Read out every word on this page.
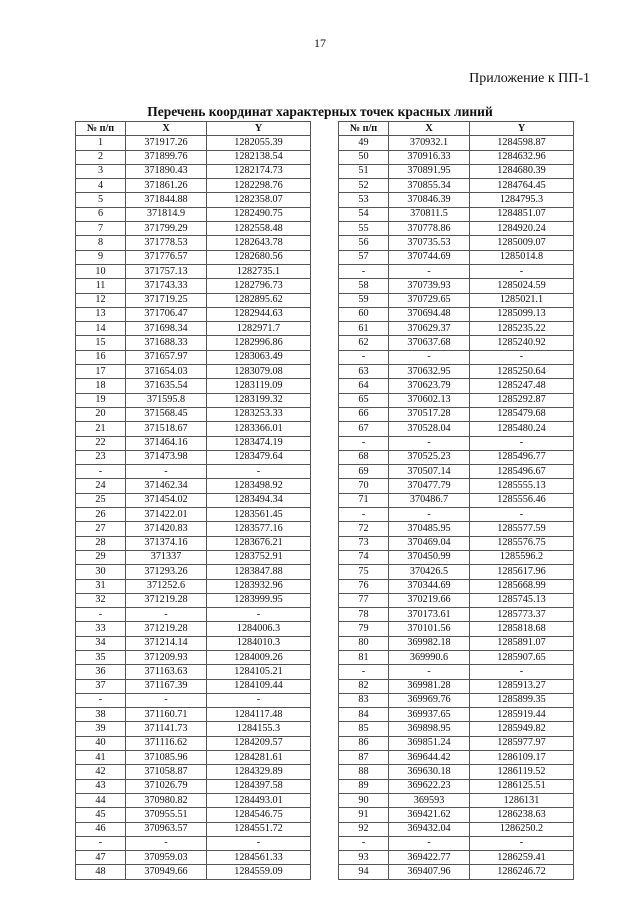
17
Приложение к ПП-1
Перечень координат характерных точек красных линий
№ п/п	X	Y
1	371917.26	1282055.39
2	371899.76	1282138.54
3	371890.43	1282174.73
4	371861.26	1282298.76
5	371844.88	1282358.07
6	371814.9	1282490.75
7	371799.29	1282558.48
8	371778.53	1282643.78
9	371776.57	1282680.56
10	371757.13	1282735.1
11	371743.33	1282796.73
12	371719.25	1282895.62
13	371706.47	1282944.63
14	371698.34	1282971.7
15	371688.33	1282996.86
16	371657.97	1283063.49
17	371654.03	1283079.08
18	371635.54	1283119.09
19	371595.8	1283199.32
20	371568.45	1283253.33
21	371518.67	1283366.01
22	371464.16	1283474.19
23	371473.98	1283479.64
-	-	-
24	371462.34	1283498.92
25	371454.02	1283494.34
26	371422.01	1283561.45
27	371420.83	1283577.16
28	371374.16	1283676.21
29	371337	1283752.91
30	371293.26	1283847.88
31	371252.6	1283932.96
32	371219.28	1283999.95
-	-	-
33	371219.28	1284006.3
34	371214.14	1284010.3
35	371209.93	1284009.26
36	371163.63	1284105.21
37	371167.39	1284109.44
-	-	-
38	371160.71	1284117.48
39	371141.73	1284155.3
40	371116.62	1284209.57
41	371085.96	1284281.61
42	371058.87	1284329.89
43	371026.79	1284397.58
44	370980.82	1284493.01
45	370955.51	1284546.75
46	370963.57	1284551.72
-	-	-
47	370959.03	1284561.33
48	370949.66	1284559.09
№ п/п	X	Y
49	370932.1	1284598.87
50	370916.33	1284632.96
51	370891.95	1284680.39
52	370855.34	1284764.45
53	370846.39	1284795.3
54	370811.5	1284851.07
55	370778.86	1284920.24
56	370735.53	1285009.07
57	370744.69	1285014.8
-	-	-
58	370739.93	1285024.59
59	370729.65	1285021.1
60	370694.48	1285099.13
61	370629.37	1285235.22
62	370637.68	1285240.92
-	-	-
63	370632.95	1285250.64
64	370623.79	1285247.48
65	370602.13	1285292.87
66	370517.28	1285479.68
67	370528.04	1285480.24
-	-	-
68	370525.23	1285496.77
69	370507.14	1285496.67
70	370477.79	1285555.13
71	370486.7	1285556.46
-	-	-
72	370485.95	1285577.59
73	370469.04	1285576.75
74	370450.99	1285596.2
75	370426.5	1285617.96
76	370344.69	1285668.99
77	370219.66	1285745.13
78	370173.61	1285773.37
79	370101.56	1285818.68
80	369982.18	1285891.07
81	369990.6	1285907.65
-	-	-
82	369981.28	1285913.27
83	369969.76	1285899.35
84	369937.65	1285919.44
85	369898.95	1285949.82
86	369851.24	1285977.97
87	369644.42	1286109.17
88	369630.18	1286119.52
89	369622.23	1286125.51
90	369593	1286131
91	369421.62	1286238.63
92	369432.04	1286250.2
-	-	-
93	369422.77	1286259.41
94	369407.96	1286246.72
